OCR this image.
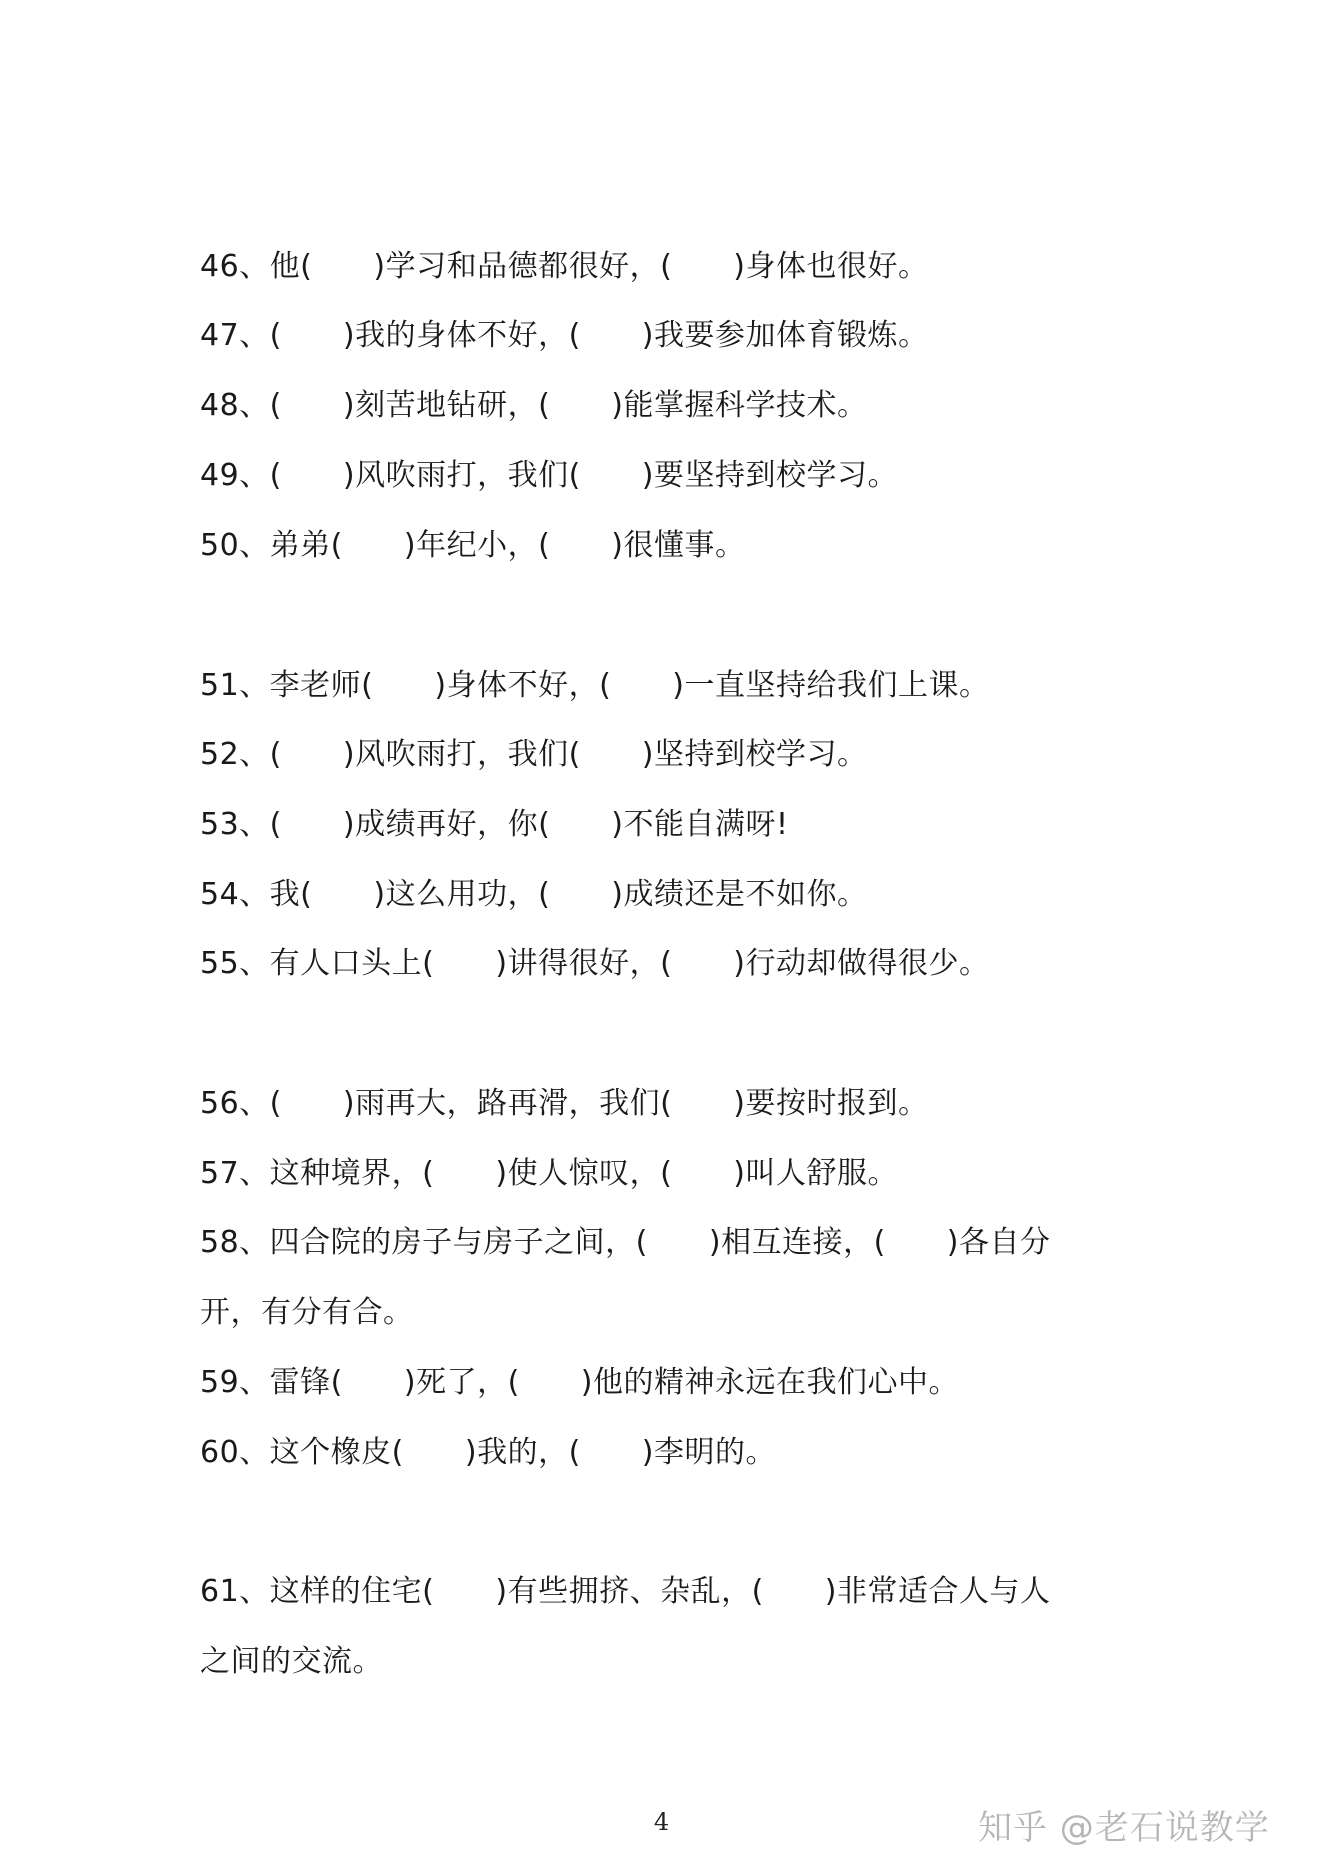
46、他(　　)学习和品德都很好，(　　)身体也很好。
47、(　　)我的身体不好，(　　)我要参加体育锻炼。
48、(　　)刻苦地钻研，(　　)能掌握科学技术。
49、(　　)风吹雨打，我们(　　)要坚持到校学习。
50、弟弟(　　)年纪小，(　　)很懂事。
51、李老师(　　)身体不好，(　　)一直坚持给我们上课。
52、(　　)风吹雨打，我们(　　)坚持到校学习。
53、(　　)成绩再好，你(　　)不能自满呀!
54、我(　　)这么用功，(　　)成绩还是不如你。
55、有人口头上(　　)讲得很好，(　　)行动却做得很少。
56、(　　)雨再大，路再滑，我们(　　)要按时报到。
57、这种境界，(　　)使人惊叹，(　　)叫人舒服。
58、四合院的房子与房子之间，(　　)相互连接，(　　)各自分
开，有分有合。
59、雷锋(　　)死了，(　　)他的精神永远在我们心中。
60、这个橡皮(　　)我的，(　　)李明的。
61、这样的住宅(　　)有些拥挤、杂乱，(　　)非常适合人与人
之间的交流。
4	知乎 @老石说教学
